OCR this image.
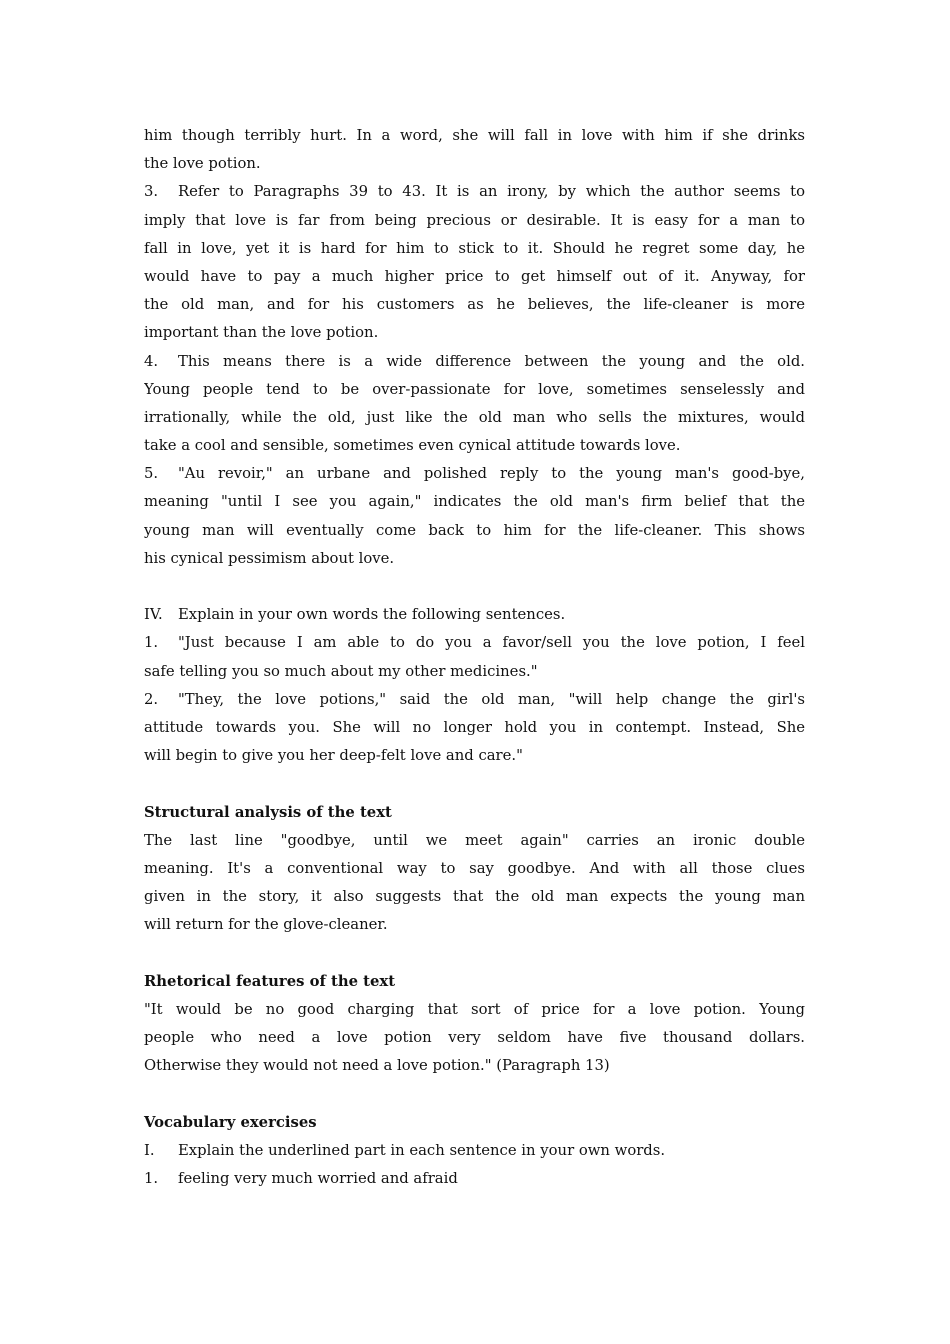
him though terribly hurt. In a word, she will fall in love with him if she drinks
the love potion.
3. Refer to Paragraphs 39 to 43. It is an irony, by which the author seems to
imply that love is far from being precious or desirable. It is easy for a man to
fall in love, yet it is hard for him to stick to it. Should he regret some day, he
would have to pay a much higher price to get himself out of it. Anyway, for
the old man, and for his customers as he believes, the life-cleaner is more
important than the love potion.
4. This means there is a wide difference between the young and the old.
Young people tend to be over-passionate for love, sometimes senselessly and
irrationally, while the old, just like the old man who sells the mixtures, would
take a cool and sensible, sometimes even cynical attitude towards love.
5. "Au revoir," an urbane and polished reply to the young man's good-bye,
meaning "until I see you again," indicates the old man's firm belief that the
young man will eventually come back to him for the life-cleaner. This shows
his cynical pessimism about love.
IV. Explain in your own words the following sentences.
1. "Just because I am able to do you a favor/sell you the love potion, I feel
safe telling you so much about my other medicines."
2. "They, the love potions," said the old man, "will help change the girl's
attitude towards you. She will no longer hold you in contempt. Instead, She
will begin to give you her deep-felt love and care."
Structural analysis of the text
The last line "goodbye, until we meet again" carries an ironic double
meaning. It's a conventional way to say goodbye. And with all those clues
given in the story, it also suggests that the old man expects the young man
will return for the glove-cleaner.
Rhetorical features of the text
"It would be no good charging that sort of price for a love potion. Young
people who need a love potion very seldom have five thousand dollars.
Otherwise they would not need a love potion." (Paragraph 13)
Vocabulary exercises
I. Explain the underlined part in each sentence in your own words.
1. feeling very much worried and afraid
